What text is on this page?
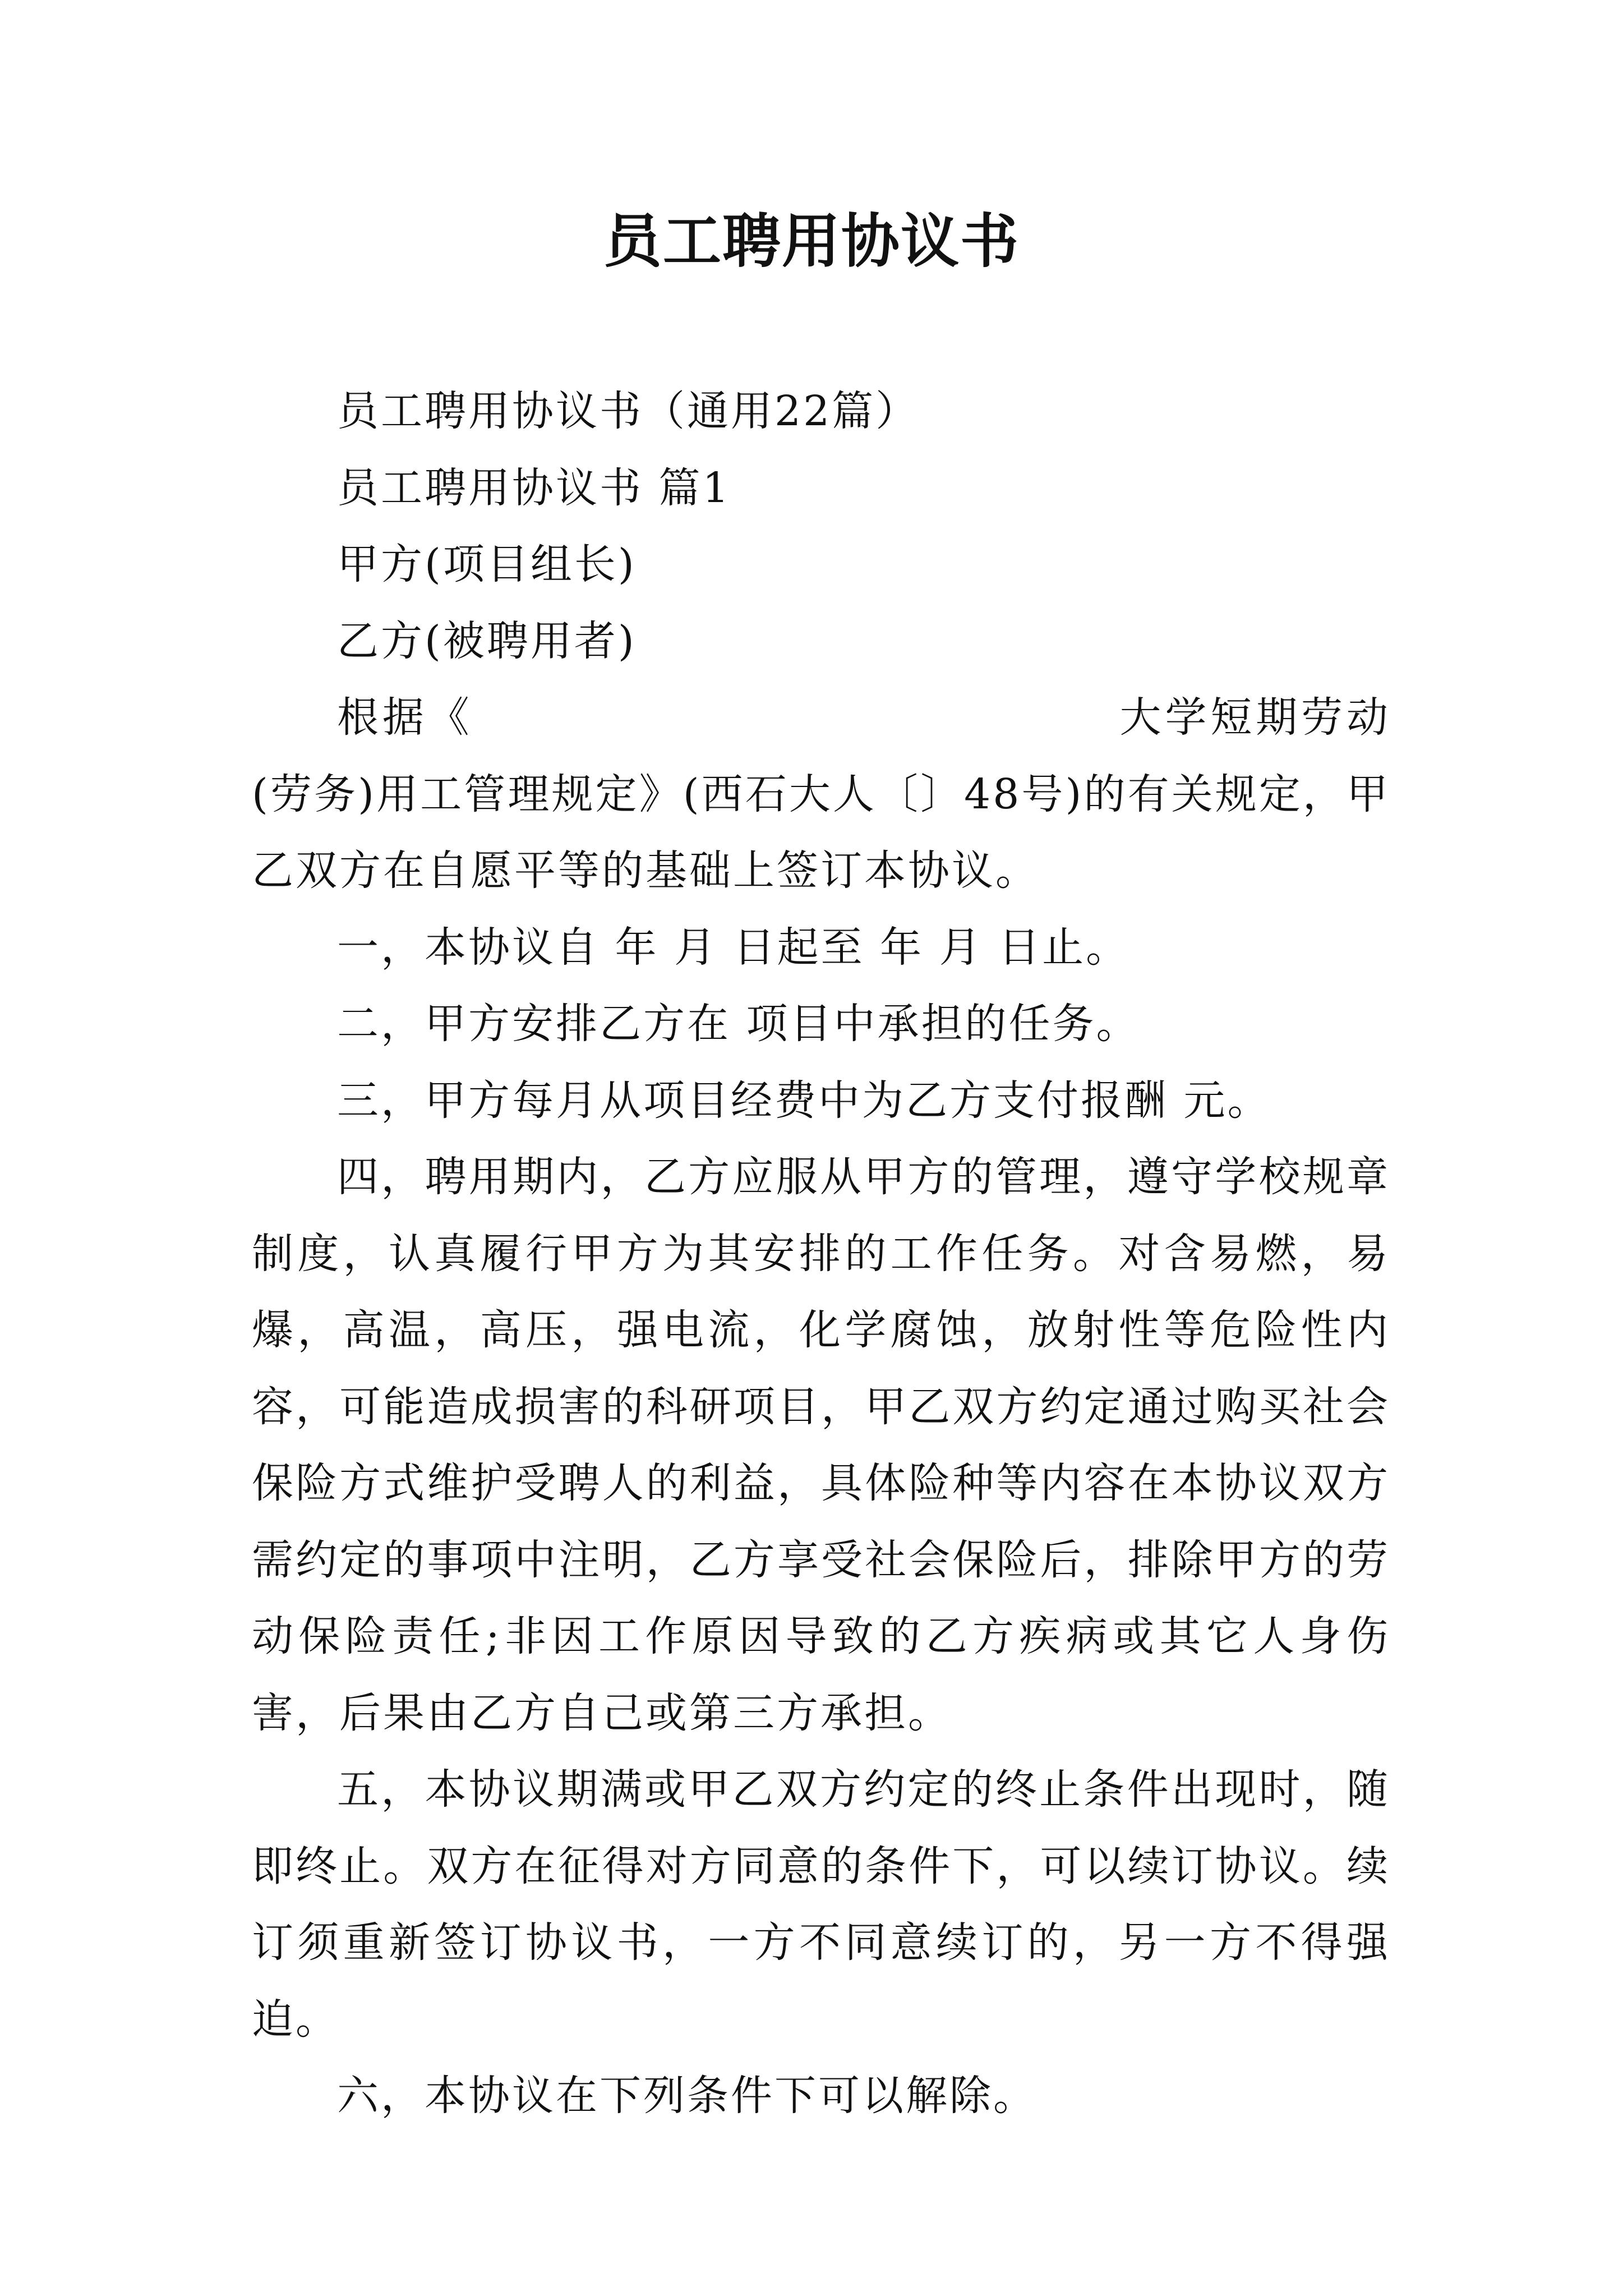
员工聘用协议书

员工聘用协议书（通用22篇）

员工聘用协议书 篇1

甲方(项目组长)

乙方(被聘用者)

根据《	大学短期劳动(劳务)用工管理规定》(西石大人〔〕48号)的有关规定，甲乙双方在自愿平等的基础上签订本协议。

一，本协议自 年 月 日起至 年 月 日止。

二，甲方安排乙方在 项目中承担的任务。

三，甲方每月从项目经费中为乙方支付报酬 元。

四，聘用期内，乙方应服从甲方的管理，遵守学校规章制度，认真履行甲方为其安排的工作任务。对含易燃，易爆，高温，高压，强电流，化学腐蚀，放射性等危险性内容，可能造成损害的科研项目，甲乙双方约定通过购买社会保险方式维护受聘人的利益，具体险种等内容在本协议双方需约定的事项中注明，乙方享受社会保险后，排除甲方的劳动保险责任;非因工作原因导致的乙方疾病或其它人身伤害，后果由乙方自己或第三方承担。

五，本协议期满或甲乙双方约定的终止条件出现时，随即终止。双方在征得对方同意的条件下，可以续订协议。续订须重新签订协议书，一方不同意续订的，另一方不得强迫。

六，本协议在下列条件下可以解除。
